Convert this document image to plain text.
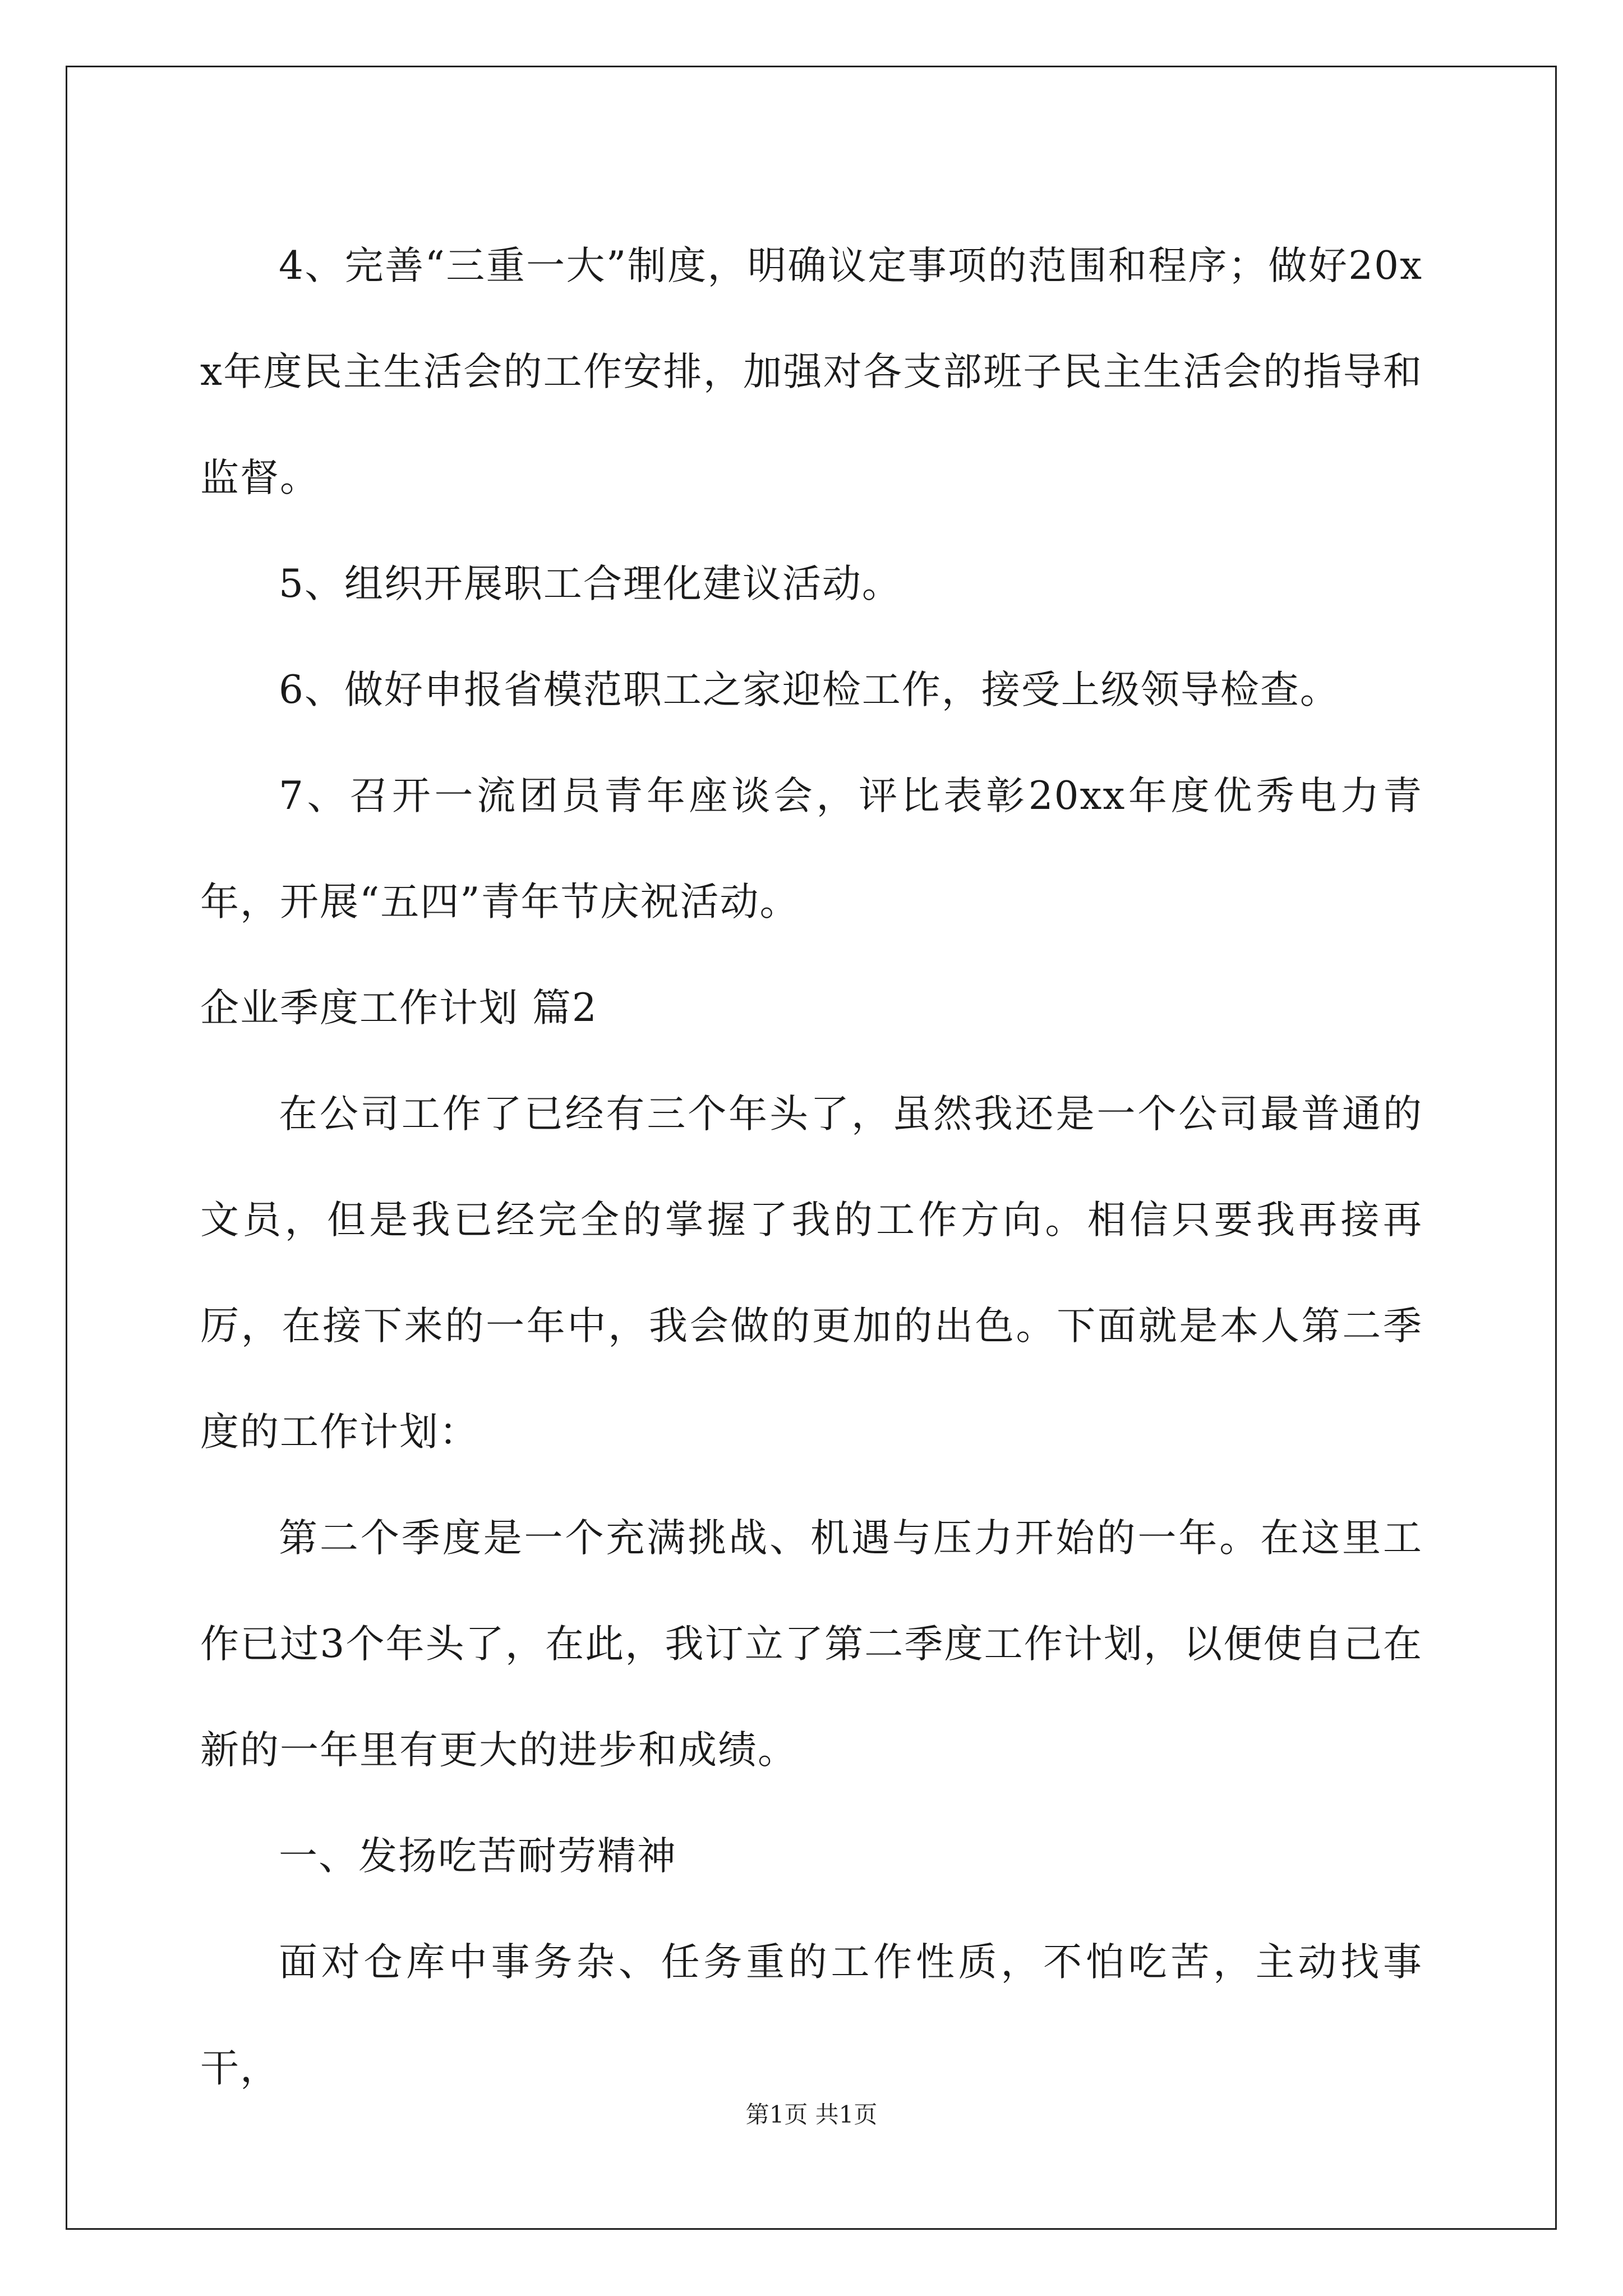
4、完善“三重一大”制度，明确议定事项的范围和程序；做好20xx年度民主生活会的工作安排，加强对各支部班子民主生活会的指导和监督。

5、组织开展职工合理化建议活动。

6、做好申报省模范职工之家迎检工作，接受上级领导检查。

7、召开一流团员青年座谈会，评比表彰20xx年度优秀电力青年，开展“五四”青年节庆祝活动。

企业季度工作计划 篇2

在公司工作了已经有三个年头了，虽然我还是一个公司最普通的文员，但是我已经完全的掌握了我的工作方向。相信只要我再接再厉，在接下来的一年中，我会做的更加的出色。下面就是本人第二季度的工作计划：

第二个季度是一个充满挑战、机遇与压力开始的一年。在这里工作已过3个年头了，在此，我订立了第二季度工作计划，以便使自己在新的一年里有更大的进步和成绩。

一、发扬吃苦耐劳精神

面对仓库中事务杂、任务重的工作性质，不怕吃苦，主动找事干，

第1页 共1页
